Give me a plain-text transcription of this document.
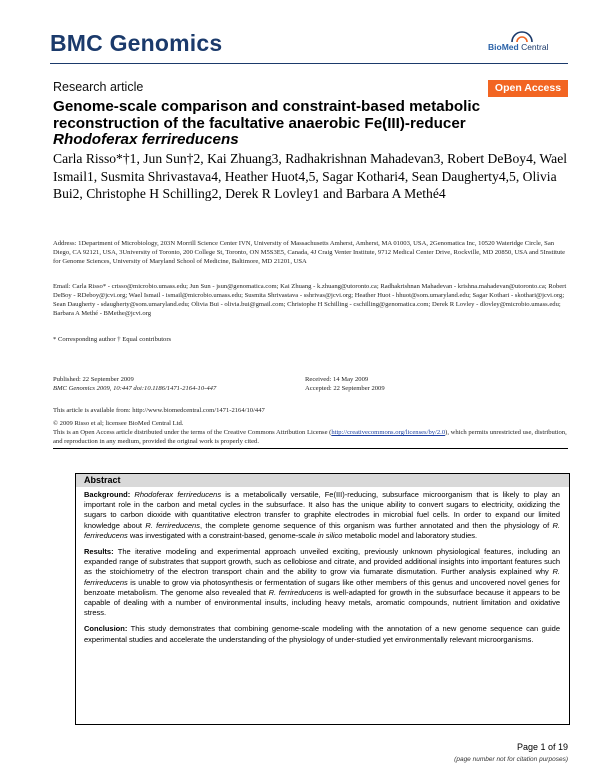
BMC Genomics	BioMed Central
Research article	Open Access
Genome-scale comparison and constraint-based metabolic
reconstruction of the facultative anaerobic Fe(III)-reducer
Rhodoferax ferrireducens
Carla Risso*†1, Jun Sun†2, Kai Zhuang3, Radhakrishnan Mahadevan3, Robert DeBoy4, Wael Ismail1, Susmita Shrivastava4, Heather Huot4,5, Sagar Kothari4, Sean Daugherty4,5, Olivia Bui2, Christophe H Schilling2, Derek R Lovley1 and Barbara A Methé4
Address: 1Department of Microbiology, 203N Morrill Science Center IVN, University of Massachusetts Amherst, Amherst, MA 01003, USA, 2Genomatica Inc, 10520 Wateridge Circle, San Diego, CA 92121, USA, 3University of Toronto, 200 College St, Toronto, ON M5S3E5, Canada, 4J Craig Venter Institute, 9712 Medical Center Drive, Rockville, MD 20850, USA and 5Institute for Genome Sciences, University of Maryland School of Medicine, Baltimore, MD 21201, USA
Email: Carla Risso* - crisso@microbio.umass.edu; Jun Sun - jsun@genomatica.com; Kai Zhuang - k.zhuang@utoronto.ca; Radhakrishnan Mahadevan - krishna.mahadevan@utoronto.ca; Robert DeBoy - RDeboy@jcvi.org; Wael Ismail - ismail@microbio.umass.edu; Susmita Shrivastava - sshrivas@jcvi.org; Heather Huot - hhuot@som.umaryland.edu; Sagar Kothari - skothari@jcvi.org; Sean Daugherty - sdaugherty@som.umaryland.edu; Olivia Bui - olivia.bui@gmail.com; Christophe H Schilling - cschilling@genomatica.com; Derek R Lovley - dlovley@microbio.umass.edu; Barbara A Methé - BMethe@jcvi.org
* Corresponding author † Equal contributors
Published: 22 September 2009
BMC Genomics 2009, 10:447 doi:10.1186/1471-2164-10-447
Received: 14 May 2009
Accepted: 22 September 2009
This article is available from: http://www.biomedcentral.com/1471-2164/10/447
© 2009 Risso et al; licensee BioMed Central Ltd.
This is an Open Access article distributed under the terms of the Creative Commons Attribution License (http://creativecommons.org/licenses/by/2.0), which permits unrestricted use, distribution, and reproduction in any medium, provided the original work is properly cited.
Abstract

Background: Rhodoferax ferrireducens is a metabolically versatile, Fe(III)-reducing, subsurface microorganism that is likely to play an important role in the carbon and metal cycles in the subsurface. It also has the unique ability to convert sugars to electricity, oxidizing the sugars to carbon dioxide with quantitative electron transfer to graphite electrodes in microbial fuel cells. In order to expand our limited knowledge about R. ferrireducens, the complete genome sequence of this organism was further annotated and then the physiology of R. ferrireducens was investigated with a constraint-based, genome-scale in silico metabolic model and laboratory studies.

Results: The iterative modeling and experimental approach unveiled exciting, previously unknown physiological features, including an expanded range of substrates that support growth, such as cellobiose and citrate, and provided additional insights into important features such as the stoichiometry of the electron transport chain and the ability to grow via fumarate dismutation. Further analysis explained why R. ferrireducens is unable to grow via photosynthesis or fermentation of sugars like other members of this genus and uncovered novel genes for benzoate metabolism. The genome also revealed that R. ferrireducens is well-adapted for growth in the subsurface because it appears to be capable of dealing with a number of environmental insults, including heavy metals, aromatic compounds, nutrient limitation and oxidative stress.

Conclusion: This study demonstrates that combining genome-scale modeling with the annotation of a new genome sequence can guide experimental studies and accelerate the understanding of the physiology of under-studied yet environmentally relevant microorganisms.

Page 1 of 19
(page number not for citation purposes)
